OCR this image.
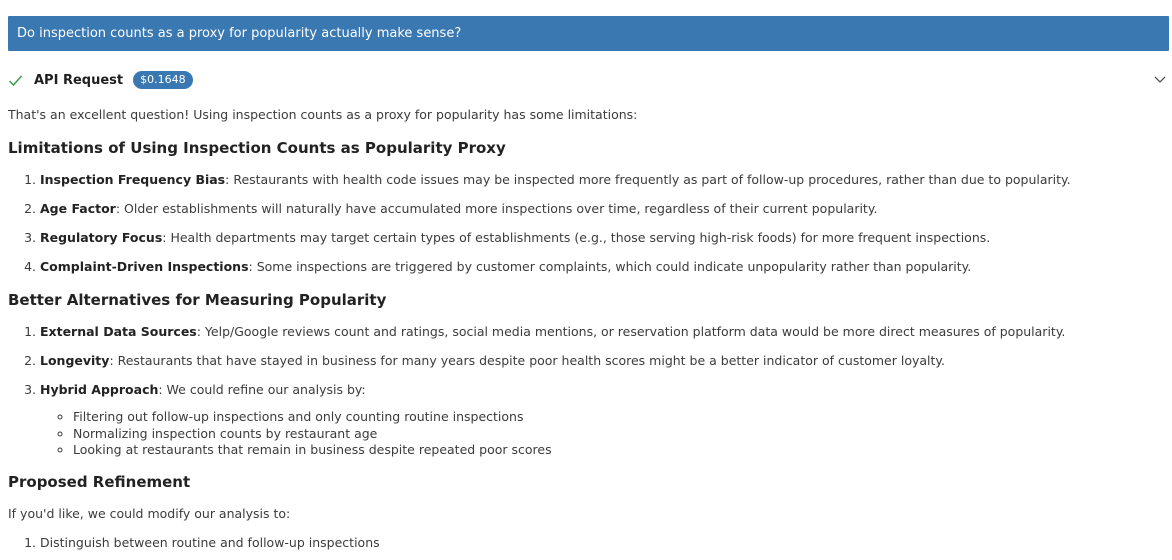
Do inspection counts as a proxy for popularity actually make sense?
API Request	$0.1648

That's an excellent question! Using inspection counts as a proxy for popularity has some limitations:

Limitations of Using Inspection Counts as Popularity Proxy
1. Inspection Frequency Bias: Restaurants with health code issues may be inspected more frequently as part of follow-up procedures, rather than due to popularity.
2. Age Factor: Older establishments will naturally have accumulated more inspections over time, regardless of their current popularity.
3. Regulatory Focus: Health departments may target certain types of establishments (e.g., those serving high-risk foods) for more frequent inspections.
4. Complaint-Driven Inspections: Some inspections are triggered by customer complaints, which could indicate unpopularity rather than popularity.
Better Alternatives for Measuring Popularity
1. External Data Sources: Yelp/Google reviews count and ratings, social media mentions, or reservation platform data would be more direct measures of popularity.
2. Longevity: Restaurants that have stayed in business for many years despite poor health scores might be a better indicator of customer loyalty.
3. Hybrid Approach: We could refine our analysis by:
◦ Filtering out follow-up inspections and only counting routine inspections
◦ Normalizing inspection counts by restaurant age
◦ Looking at restaurants that remain in business despite repeated poor scores
Proposed Refinement

If you'd like, we could modify our analysis to:

1. Distinguish between routine and follow-up inspections
